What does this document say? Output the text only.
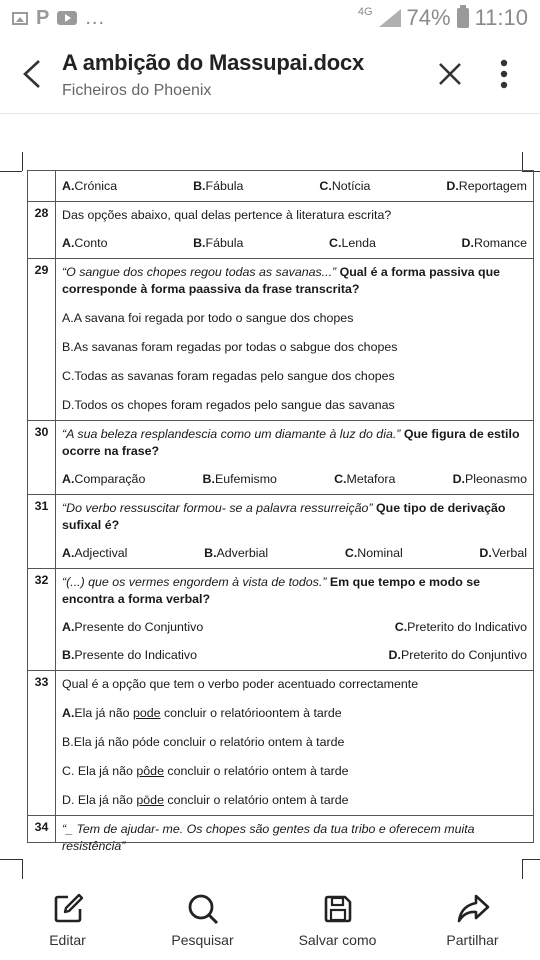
P ...	4G 74% 11:10
A ambição do Massupai.docx
Ficheiros do Phoenix

	A.Crónica B.Fábula C.Notícia D.Reportagem

28	Das opções abaixo, qual delas pertence à literatura escrita?
A.Conto B.Fábula C.Lenda D.Romance

29	“O sangue dos chopes regou todas as savanas...” Qual é a forma passiva que corresponde à forma paassiva da frase transcrita?
A.A savana foi regada por todo o sangue dos chopes
B.As savanas foram regadas por todas o sabgue dos chopes
C.Todas as savanas foram regadas pelo sangue dos chopes
D.Todos os chopes foram regados pelo sangue das savanas

30	“A sua beleza resplandescia como um diamante à luz do dia.” Que figura de estilo ocorre na frase?
A.Comparação B.Eufemismo C.Metafora D.Pleonasmo

31	“Do verbo ressuscitar formou- se a palavra ressurreição” Que tipo de derivação sufixal é?
A.Adjectival B.Adverbial C.Nominal D.Verbal

32	“(...) que os vermes engordem à vista de todos.” Em que tempo e modo se encontra a forma verbal?
A.Presente do Conjuntivo C.Preterito do Indicativo
B.Presente do Indicativo D.Preterito do Conjuntivo

33	Qual é a opção que tem o verbo poder acentuado correctamente
A.Ela já não pode concluir o relatórioontem à tarde
B.Ela já não póde concluir o relatório ontem à tarde
C. Ela já não pôde concluir o relatório ontem à tarde
D. Ela já não pōde concluir o relatório ontem à tarde

34	“_ Tem de ajudar- me. Os chopes são gentes da tua tribo e oferecem muita resistência”
Editar	Pesquisar	Salvar como	Partilhar
